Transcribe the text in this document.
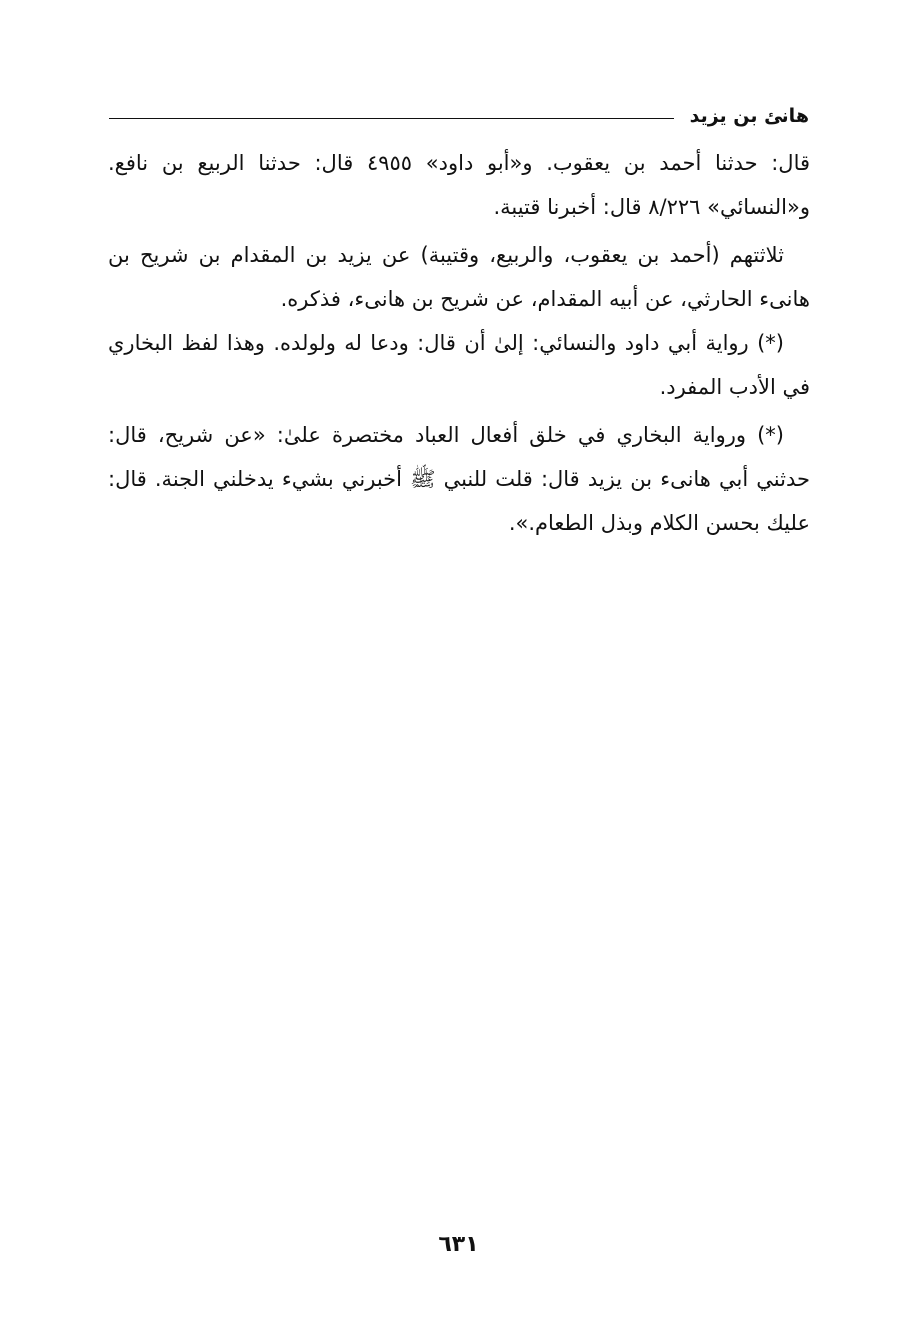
هانئ بن يزيد

قال: حدثنا أحمد بن يعقوب. و«أبو داود» ٤٩٥٥ قال: حدثنا الربيع بن نافع. و«النسائي» ٨/٢٢٦ قال: أخبرنا قتيبة.

ثلاثتهم (أحمد بن يعقوب، والربيع، وقتيبة) عن يزيد بن المقدام بن شريح بن هانىء الحارثي، عن أبيه المقدام، عن شريح بن هانىء، فذكره.

(*) رواية أبي داود والنسائي: إلىٰ أن قال: ودعا له ولولده. وهذا لفظ البخاري في الأدب المفرد.

(*) ورواية البخاري في خلق أفعال العباد مختصرة علىٰ: «عن شريح، قال: حدثني أبي هانىء بن يزيد قال: قلت للنبي ﷺ أخبرني بشيء يدخلني الجنة. قال: عليك بحسن الكلام وبذل الطعام.».

٦٣١
